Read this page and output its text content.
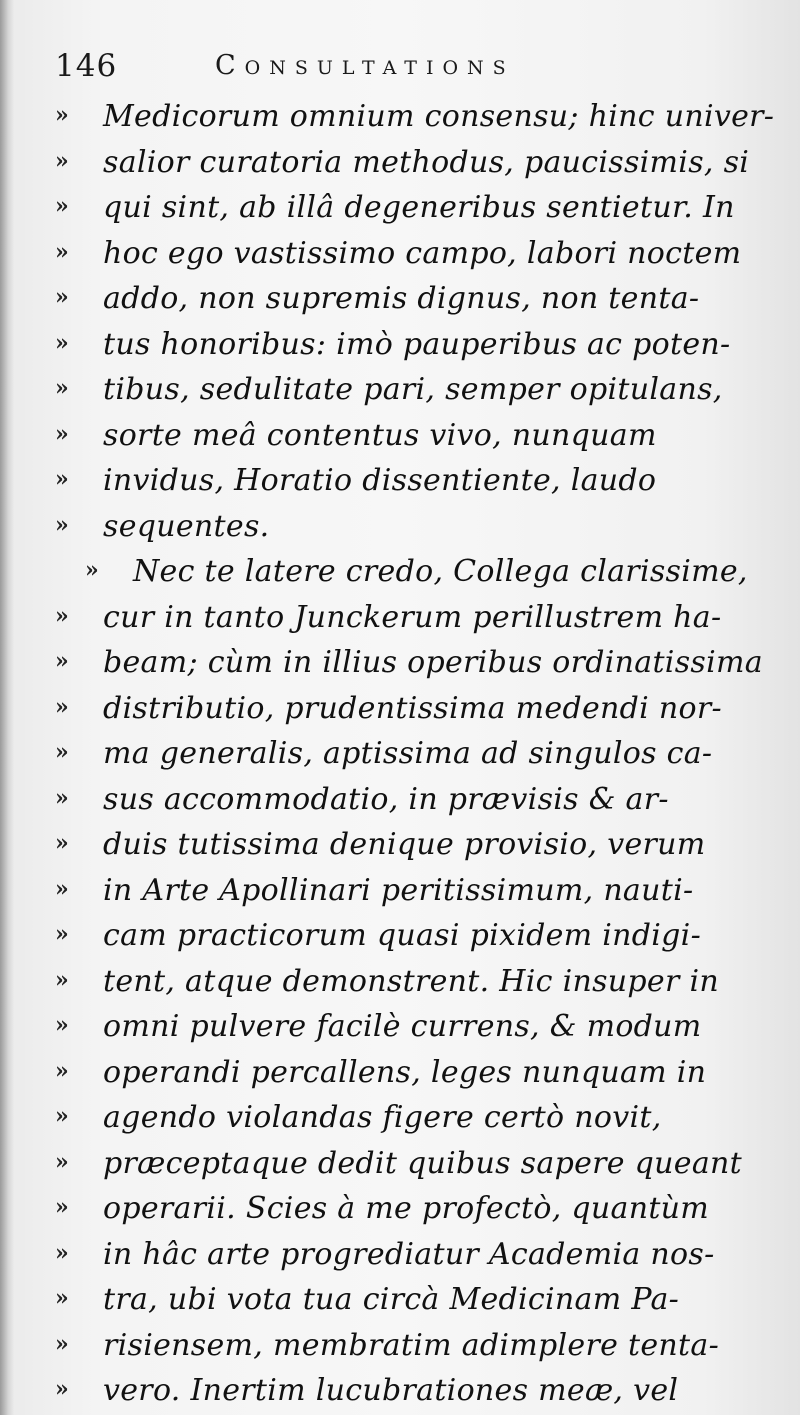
146	Consultations
»	Medicorum omnium consensu; hinc univer-
»	salior curatoria methodus, paucissimis, si
»	qui sint, ab illâ degeneribus sentietur. In
»	hoc ego vastissimo campo, labori noctem
»	addo, non supremis dignus, non tenta-
»	tus honoribus: imò pauperibus ac poten-
»	tibus, sedulitate pari, semper opitulans,
»	sorte meâ contentus vivo, nunquam
»	invidus, Horatio dissentiente, laudo
»	sequentes.
»	Nec te latere credo, Collega clarissime,
»	cur in tanto Junckerum perillustrem ha-
»	beam; cùm in illius operibus ordinatissima
»	distributio, prudentissima medendi nor-
»	ma generalis, aptissima ad singulos ca-
»	sus accommodatio, in prævisis & ar-
»	duis tutissima denique provisio, verum
»	in Arte Apollinari peritissimum, nauti-
»	cam practicorum quasi pixidem indigi-
»	tent, atque demonstrent. Hic insuper in
»	omni pulvere facilè currens, & modum
»	operandi percallens, leges nunquam in
»	agendo violandas figere certò novit,
»	præceptaque dedit quibus sapere queant
»	operarii. Scies à me profectò, quantùm
»	in hâc arte progrediatur Academia nos-
»	tra, ubi vota tua circà Medicinam Pa-
»	risiensem, membratim adimplere tenta-
»	vero. Inertim lucubrationes meæ, vel
